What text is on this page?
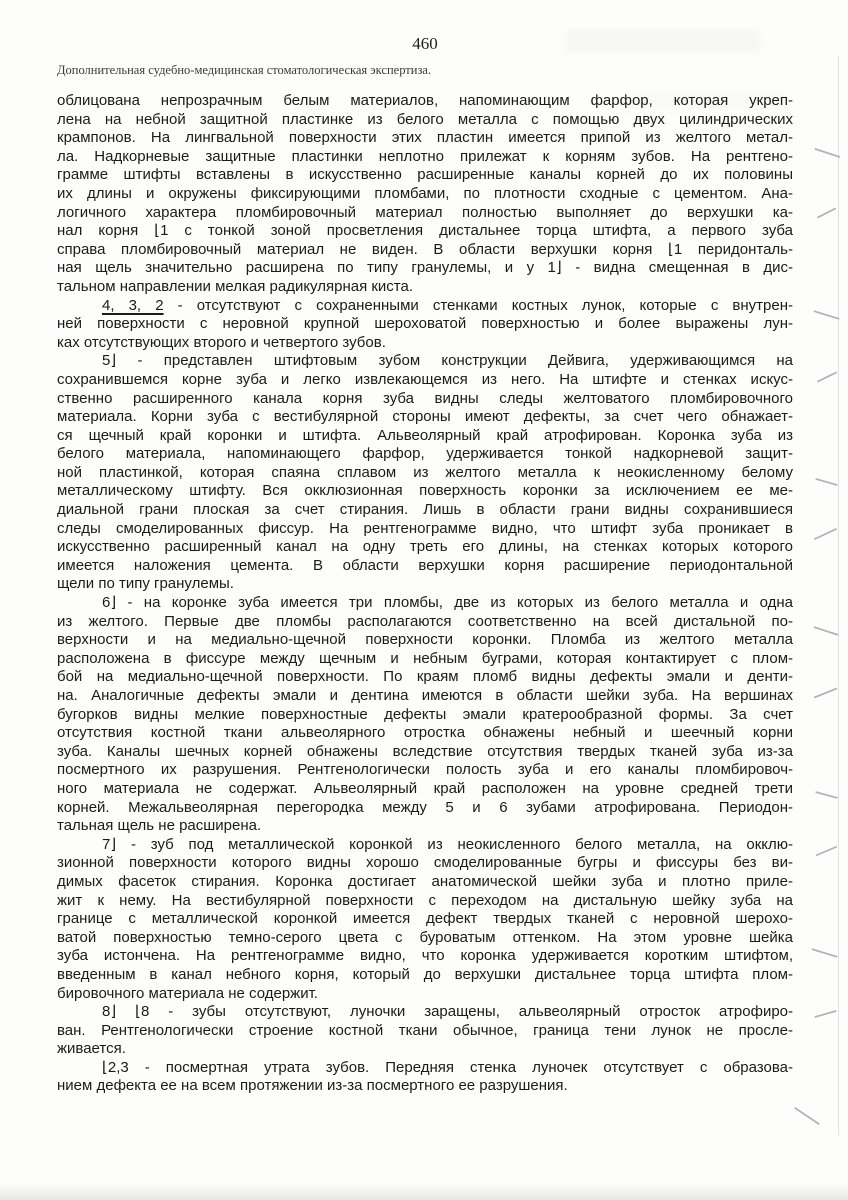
460
Дополнительная судебно-медицинская стоматологическая экспертиза.
облицована непрозрачным белым материалов, напоминающим фарфор, которая укреп-
лена на небной защитной пластинке из белого металла с помощью двух цилиндрических
крампонов. На лингвальной поверхности этих пластин имеется припой из желтого метал-
ла. Надкорневые защитные пластинки неплотно прилежат к корням зубов. На рентгено-
грамме штифты вставлены в искусственно расширенные каналы корней до их половины
их длины и окружены фиксирующими пломбами, по плотности сходные с цементом. Ана-
логичного характера пломбировочный материал полностью выполняет до верхушки ка-
нал корня ⌊1 с тонкой зоной просветления дистальнее торца штифта, а первого зуба
справа пломбировочный материал не виден. В области верхушки корня ⌊1 перидонталь-
ная щель значительно расширена по типу гранулемы, и у 1⌋ - видна смещенная в дис-
тальном направлении мелкая радикулярная киста.
4, 3, 2 - отсутствуют с сохраненными стенками костных лунок, которые с внутрен-
ней поверхности с неровной крупной шероховатой поверхностью и более выражены лун-
ках отсутствующих второго и четвертого зубов.
5⌋ - представлен штифтовым зубом конструкции Дейвига, удерживающимся на
сохранившемся корне зуба и легко извлекающемся из него. На штифте и стенках искус-
ственно расширенного канала корня зуба видны следы желтоватого пломбировочного
материала. Корни зуба с вестибулярной стороны имеют дефекты, за счет чего обнажает-
ся щечный край коронки и штифта. Альвеолярный край атрофирован. Коронка зуба из
белого материала, напоминающего фарфор, удерживается тонкой надкорневой защит-
ной пластинкой, которая спаяна сплавом из желтого металла к неокисленному белому
металлическому штифту. Вся окклюзионная поверхность коронки за исключением ее ме-
диальной грани плоская за счет стирания. Лишь в области грани видны сохранившиеся
следы смоделированных фиссур. На рентгенограмме видно, что штифт зуба проникает в
искусственно расширенный канал на одну треть его длины, на стенках которых которого
имеется наложения цемента. В области верхушки корня расширение периодонтальной
щели по типу гранулемы.
6⌋ - на коронке зуба имеется три пломбы, две из которых из белого металла и одна
из желтого. Первые две пломбы располагаются соответственно на всей дистальной по-
верхности и на медиально-щечной поверхности коронки. Пломба из желтого металла
расположена в фиссуре между щечным и небным буграми, которая контактирует с плом-
бой на медиально-щечной поверхности. По краям пломб видны дефекты эмали и денти-
на. Аналогичные дефекты эмали и дентина имеются в области шейки зуба. На вершинах
бугорков видны мелкие поверхностные дефекты эмали кратерообразной формы. За счет
отсутствия костной ткани альвеолярного отростка обнажены небный и шеечный корни
зуба. Каналы шечных корней обнажены вследствие отсутствия твердых тканей зуба из-за
посмертного их разрушения. Рентгенологически полость зуба и его каналы пломбировоч-
ного материала не содержат. Альвеолярный край расположен на уровне средней трети
корней. Межальвеолярная перегородка между 5 и 6 зубами атрофирована. Периодон-
тальная щель не расширена.
7⌋ - зуб под металлической коронкой из неокисленного белого металла, на окклю-
зионной поверхности которого видны хорошо смоделированные бугры и фиссуры без ви-
димых фасеток стирания. Коронка достигает анатомической шейки зуба и плотно приле-
жит к нему. На вестибулярной поверхности с переходом на дистальную шейку зуба на
границе с металлической коронкой имеется дефект твердых тканей с неровной шерохо-
ватой поверхностью темно-серого цвета с буроватым оттенком. На этом уровне шейка
зуба истончена. На рентгенограмме видно, что коронка удерживается коротким штифтом,
введенным в канал небного корня, который до верхушки дистальнее торца штифта плом-
бировочного материала не содержит.
8⌋ ⌊8 - зубы отсутствуют, луночки заращены, альвеолярный отросток атрофиро-
ван. Рентгенологически строение костной ткани обычное, граница тени лунок не просле-
живается.
⌊2,3 - посмертная утрата зубов. Передняя стенка луночек отсутствует с образова-
нием дефекта ее на всем протяжении из-за посмертного ее разрушения.
